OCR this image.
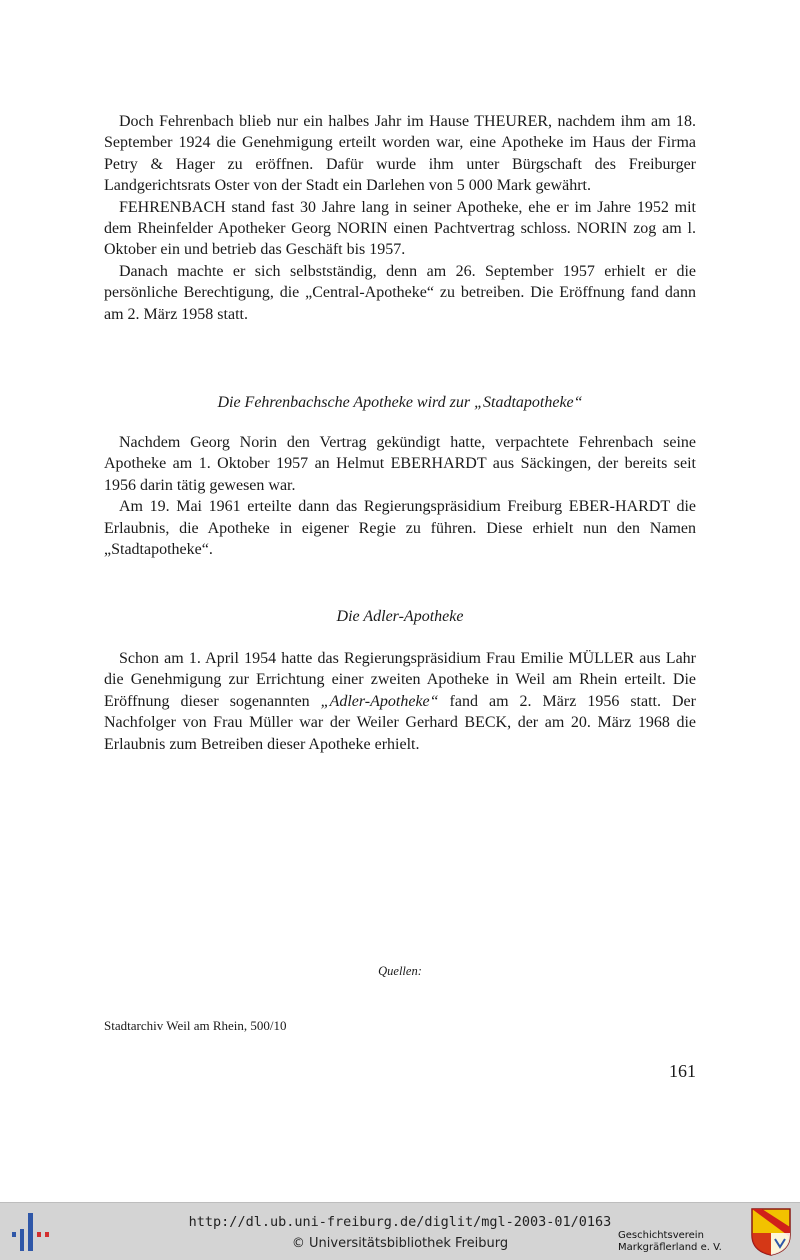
Doch Fehrenbach blieb nur ein halbes Jahr im Hause THEURER, nachdem ihm am 18. September 1924 die Genehmigung erteilt worden war, eine Apotheke im Haus der Firma Petry & Hager zu eröffnen. Dafür wurde ihm unter Bürgschaft des Freiburger Landgerichtsrats Oster von der Stadt ein Darlehen von 5 000 Mark gewährt.

FEHRENBACH stand fast 30 Jahre lang in seiner Apotheke, ehe er im Jahre 1952 mit dem Rheinfelder Apotheker Georg NORIN einen Pachtvertrag schloss. NORIN zog am l. Oktober ein und betrieb das Geschäft bis 1957.

Danach machte er sich selbstständig, denn am 26. September 1957 erhielt er die persönliche Berechtigung, die „Central-Apotheke“ zu betreiben. Die Eröffnung fand dann am 2. März 1958 statt.

Die Fehrenbachsche Apotheke wird zur „Stadtapotheke“

Nachdem Georg Norin den Vertrag gekündigt hatte, verpachtete Fehrenbach seine Apotheke am 1. Oktober 1957 an Helmut EBERHARDT aus Säckingen, der bereits seit 1956 darin tätig gewesen war.

Am 19. Mai 1961 erteilte dann das Regierungspräsidium Freiburg EBER-HARDT die Erlaubnis, die Apotheke in eigener Regie zu führen. Diese erhielt nun den Namen „Stadtapotheke“.

Die Adler-Apotheke

Schon am 1. April 1954 hatte das Regierungspräsidium Frau Emilie MÜLLER aus Lahr die Genehmigung zur Errichtung einer zweiten Apotheke in Weil am Rhein erteilt. Die Eröffnung dieser sogenannten „Adler-Apotheke“ fand am 2. März 1956 statt. Der Nachfolger von Frau Müller war der Weiler Gerhard BECK, der am 20. März 1968 die Erlaubnis zum Betreiben dieser Apotheke erhielt.

Quellen:
Stadtarchiv Weil am Rhein, 500/10
161
http://dl.ub.uni-freiburg.de/diglit/mgl-2003-01/0163
© Universitätsbibliothek Freiburg
Geschichtsverein
Markgräflerland e. V.
